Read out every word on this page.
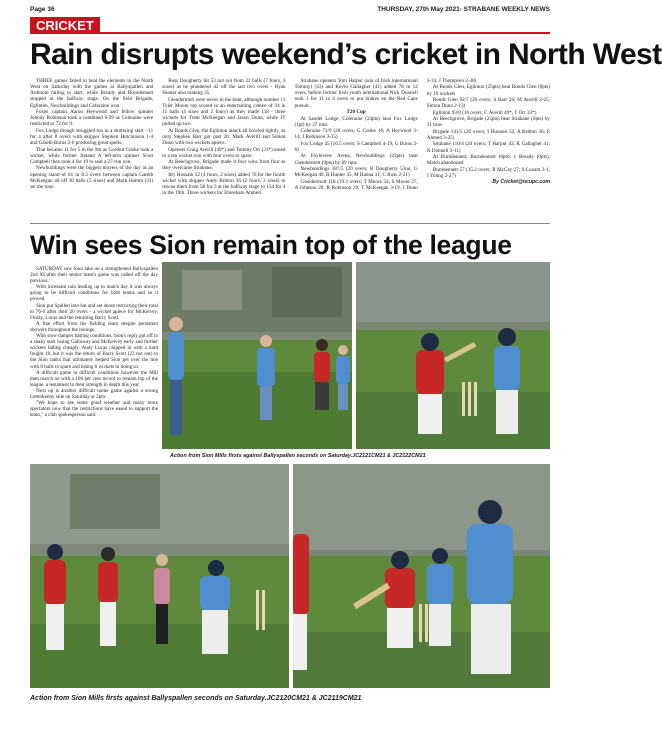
Page 36	THURSDAY, 27th May 2021- STRABANE WEEKLY NEWS
CRICKET
Rain disrupts weekend’s cricket in North West

THREE games failed to beat the elements in the North West on Saturday with the games at Ballyspallen and Ardmore failing to start, while Bready and Burndennett stopped at the halfway stage. On the field Brigade, Eglinton, Newbuildings and Coleraine won.

Foxes captain Aaron Heywood and fellow spinner Johnny Robinson took a combined 6-29 as Coleraine were restricted to 72 for 9.

Fox Lodge though struggled too in a stuttering start - 11 for 4 after 8 overs with skipper Stephen Hutchinson 1-4 and Gareth Burns 2-6 producing great spells.

That became 11 for 5 in the 9th as Gordon Cooke took a wicket, while former Ireland A left-arm spinner Scott Campbell then took 4 for 19 to seal a 27-run win.

Newbuildings were the biggest movers of the day as an opening stand of 81 in 8.3 overs between captain Gareth McKeegan 40 off 30 balls (5 sixes) and Mark Hamm (31) set the tone.

Ross Dougherty hit 53 not out from 22 balls (7 fours, 3 sixes) as he plundered 42 off the last two overs - Ryan Hunter also making 35.

Glendermott were never in the hunt, although number 11 Tyler Moore top scored in an entertaining cameo of 34 in 11 balls (4 sixes and 2 fours) as they made 118 - three wickets for Trent McKeegan and Jason Dunn, while JT pulled up two.

At Bonds Glen, the Eglinton attack all bowled tightly, as only Stephen Barr got past 20. Mark Averill and Simon Dunn with two wickets apiece.

Openers Craig Averill (49*) and Tommy Orr (33*) eased to a ten wicket win with four overs to spare.

At Beechgrove, Brigade made it four wins from four as they overcame Strabane.

Itty Hussain 52 (4 fours, 2 sixes) added 76 for the fourth wicket with skipper Andy Britton 36 (2 fours, 2 sixes) to rescue them from 58 for 3 at the halfway stage to 134 for 4 in the 19th. Three wickets for Ehtesham Ahmed.

Strabane openers Tom Harpur (son of Irish international Tommy) (43) and Kevin Gallagher (41) added 78 in 12 overs, before former Irish youth international Nick Donnell took 3 for 11 in 4 overs to put brakes on the Red Caps pursuit.

T20 Cup

At Sandel Lodge, Coleraine (24pts) beat Fox Lodge (1pt) by 27 runs

Coleraine 72/9 (20 overs; G Cooke 16; A Heywood 3-14, J Robinson 3-15)

Fox Lodge 45 (16.5 overs; S Campbell 4-19, G Burns 2-6)

At Foyleview Arena, Newbuildings (25pts) beat Glendermott (0pts) by 69 runs

Newbuildings 187/5 (20 overs; R Dougherty 53no, G McKeegan 40, R Hunter 35, M Hanna 31; C Ross 2-21)

Glendermott 118 (19.3 overs; T Moore 34, S Moore 27, A Johnson 20; R Robinson 29; T McKeegan 3-19, J Dunn 3-33, J Thompson 2-38)

At Bonds Glen, Eglinton (25pts) beat Bonds Glen (0pts) by 10 wickets

Bonds Glen 92/7 (20 overs; S Barr 26; M Averill 2-25, Simon Dunn 2-13)

Eglinton 93/0 (16 overs; C Averill 49*, T Orr 33*)

At Beechgrove, Brigade (25pts) beat Strabane (0pts) by 31 runs

Brigade 141/5 (20 overs; I Hussain 52, A Britton 36; E Ahmed 3-25)

Strabane 110/4 (20 overs; T Harpur 43, K Gallagher 41; N Donnell 3-11)

At Burndennett, Burndennett (0pts) v Bready (0pts), Match abandoned

Burndennett 57 (15.2 overs; R McCay 27; S Luxam 3-1, J Young 2-27)

By Cricket@ncupc.com

Win sees Sion remain top of the league

SATURDAY saw Sion take on a strengthened Ballyspallen 2nd XI after their senior team's game was called off the day previous.

With incessant rain leading up to match day it was always going to be difficult conditions for both teams and so it proved.

Sion put Spallen into bat and set about restricting their total to 76-6 after their 20 overs - a wicket apiece for McKelvey, Finlay, Lucas and the returning Barry Scott.

A fine effort from the fielding team despite persistent showers throughout the innings.

With slow damper batting conditions, Sion's reply got off to a shaky start losing Galloway and McKelvey early and further wickets falling cheaply. Andy Lucas chipped in with a hard fought 18, but it was the return of Barry Scott (23 not out) to the Sion ranks that ultimately helped Sion get over the line with 8 balls to spare and losing 6 wickets in doing so.

A difficult game in difficult conditions however the Mill men march on with a 100 per cent record to remain top of the league, a testament to their strength in depth this year.

Next up is another difficult home game against a strong Letterkenny side on Saturday at 2pm.

"We hope to see some good weather and many more spectators now that the restrictions have eased to support the team," a club spokesperson said.

Action from Sion Mills firsts against Ballyspallen seconds on Saturday.JC2121CM21 & JC2122CM21
Action from Sion Mills firsts against Ballyspallen seconds on Saturday.JC2120CM21 & JC2119CM21
